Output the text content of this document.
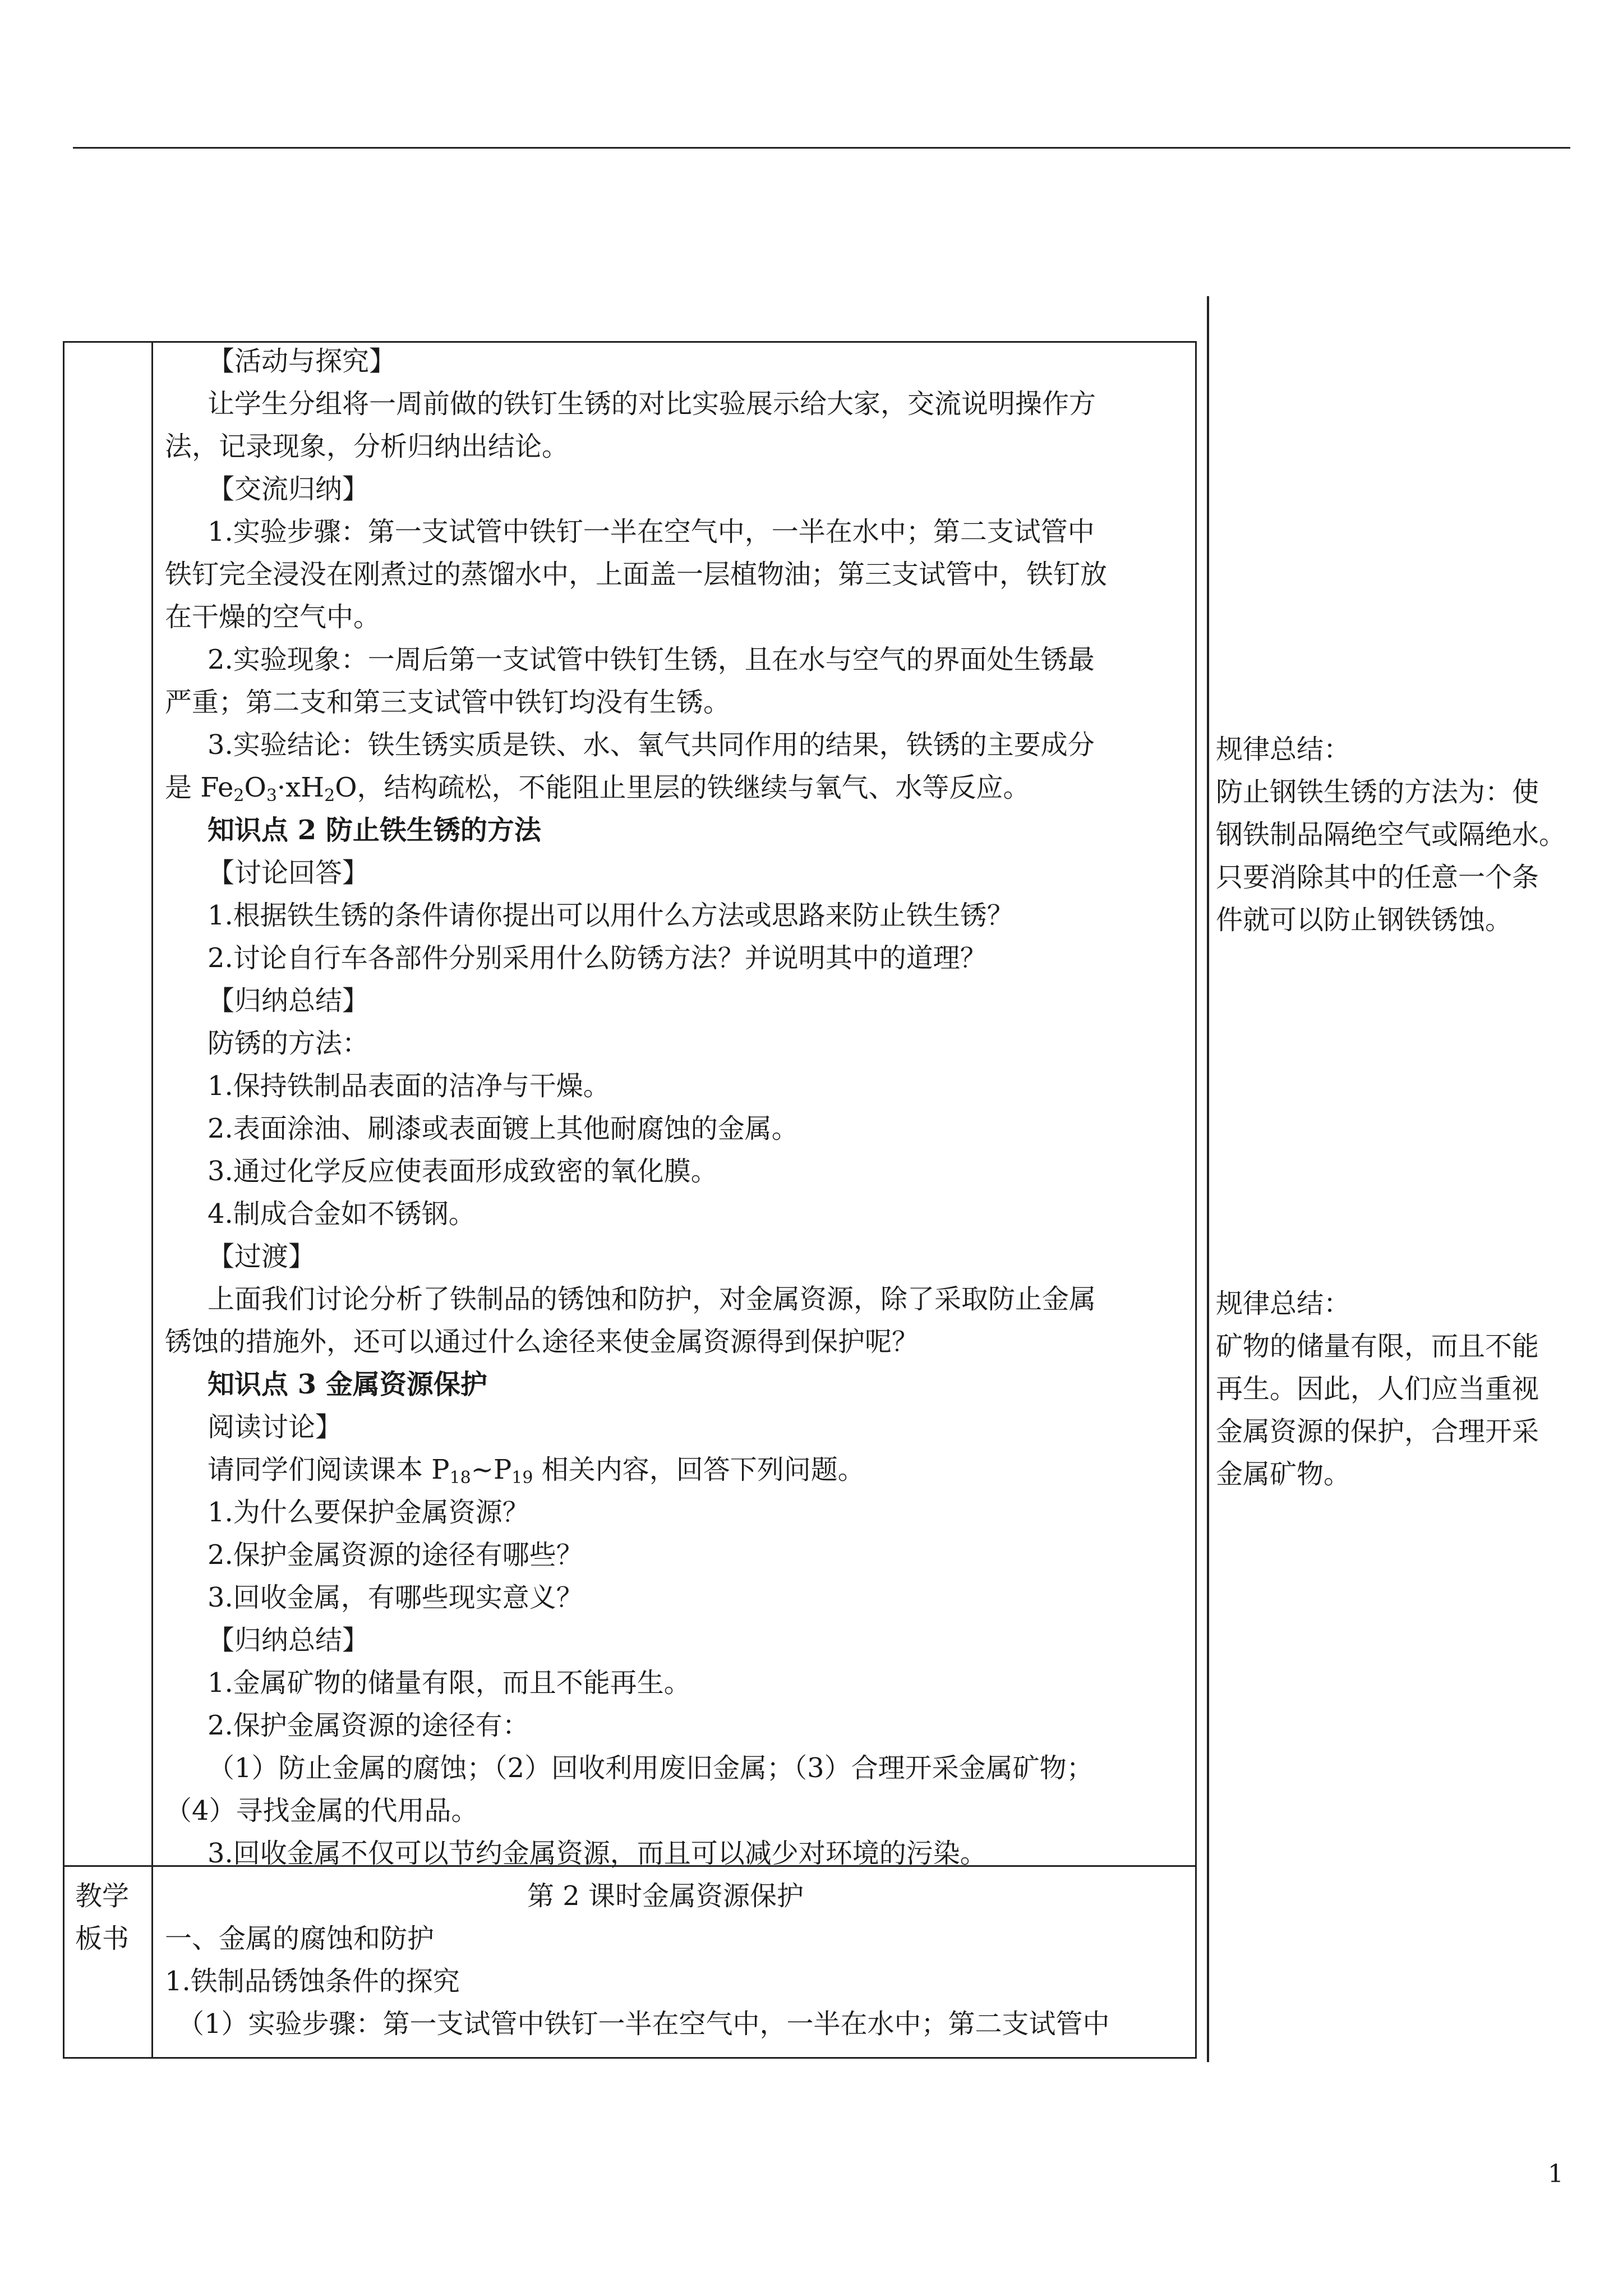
【活动与探究】
让学生分组将一周前做的铁钉生锈的对比实验展示给大家，交流说明操作方
法，记录现象，分析归纳出结论。
【交流归纳】
1.实验步骤：第一支试管中铁钉一半在空气中，一半在水中；第二支试管中
铁钉完全浸没在刚煮过的蒸馏水中，上面盖一层植物油；第三支试管中，铁钉放
在干燥的空气中。
2.实验现象：一周后第一支试管中铁钉生锈，且在水与空气的界面处生锈最
严重；第二支和第三支试管中铁钉均没有生锈。
3.实验结论：铁生锈实质是铁、水、氧气共同作用的结果，铁锈的主要成分
是 $Fe_2O_3\cdot xH_2O$，结构疏松，不能阻止里层的铁继续与氧气、水等反应。
知识点 2 防止铁生锈的方法
【讨论回答】
1.根据铁生锈的条件请你提出可以用什么方法或思路来防止铁生锈？
2.讨论自行车各部件分别采用什么防锈方法？并说明其中的道理？
【归纳总结】
防锈的方法：
1.保持铁制品表面的洁净与干燥。
2.表面涂油、刷漆或表面镀上其他耐腐蚀的金属。
3.通过化学反应使表面形成致密的氧化膜。
4.制成合金如不锈钢。
【过渡】
上面我们讨论分析了铁制品的锈蚀和防护，对金属资源，除了采取防止金属
锈蚀的措施外，还可以通过什么途径来使金属资源得到保护呢？
知识点 3 金属资源保护
阅读讨论】
请同学们阅读课本 $P_{18}\sim P_{19}$ 相关内容，回答下列问题。
1.为什么要保护金属资源？
2.保护金属资源的途径有哪些？
3.回收金属，有哪些现实意义？
【归纳总结】
1.金属矿物的储量有限，而且不能再生。
2.保护金属资源的途径有：
（1）防止金属的腐蚀；（2）回收利用废旧金属；（3）合理开采金属矿物；
（4）寻找金属的代用品。
3.回收金属不仅可以节约金属资源，而且可以减少对环境的污染。
教学
板书
第 2 课时金属资源保护
一、金属的腐蚀和防护
1.铁制品锈蚀条件的探究
（1）实验步骤：第一支试管中铁钉一半在空气中，一半在水中；第二支试管中
规律总结：
防止钢铁生锈的方法为：使
钢铁制品隔绝空气或隔绝水。
只要消除其中的任意一个条
件就可以防止钢铁锈蚀。
规律总结：
矿物的储量有限，而且不能
再生。因此，人们应当重视
金属资源的保护，合理开采
金属矿物。
1
